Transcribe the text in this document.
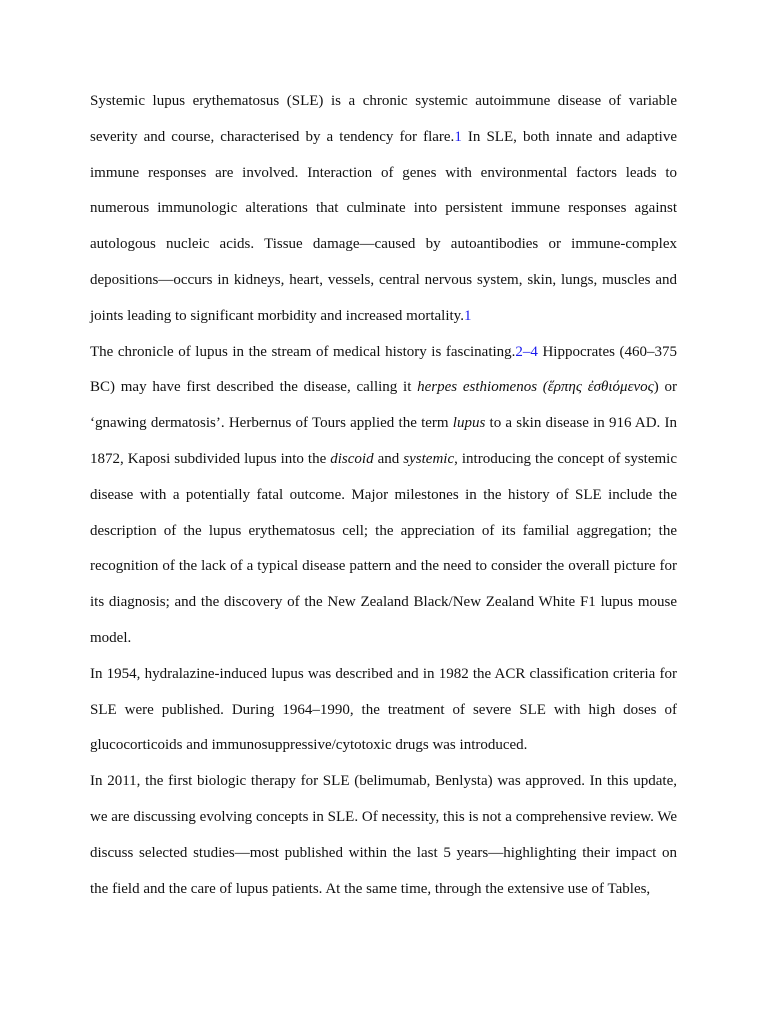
Systemic lupus erythematosus (SLE) is a chronic systemic autoimmune disease of variable severity and course, characterised by a tendency for flare.1 In SLE, both innate and adaptive immune responses are involved. Interaction of genes with environmental factors leads to numerous immunologic alterations that culminate into persistent immune responses against autologous nucleic acids. Tissue damage—caused by autoantibodies or immune-complex depositions—occurs in kidneys, heart, vessels, central nervous system, skin, lungs, muscles and joints leading to significant morbidity and increased mortality.1

The chronicle of lupus in the stream of medical history is fascinating.2–4 Hippocrates (460–375 BC) may have first described the disease, calling it herpes esthiomenos (ἕρπης ἐσθιόμενος) or ‘gnawing dermatosis’. Herbernus of Tours applied the term lupus to a skin disease in 916 AD. In 1872, Kaposi subdivided lupus into the discoid and systemic, introducing the concept of systemic disease with a potentially fatal outcome. Major milestones in the history of SLE include the description of the lupus erythematosus cell; the appreciation of its familial aggregation; the recognition of the lack of a typical disease pattern and the need to consider the overall picture for its diagnosis; and the discovery of the New Zealand Black/New Zealand White F1 lupus mouse model.

In 1954, hydralazine-induced lupus was described and in 1982 the ACR classification criteria for SLE were published. During 1964–1990, the treatment of severe SLE with high doses of glucocorticoids and immunosuppressive/cytotoxic drugs was introduced.

In 2011, the first biologic therapy for SLE (belimumab, Benlysta) was approved. In this update, we are discussing evolving concepts in SLE. Of necessity, this is not a comprehensive review. We discuss selected studies—most published within the last 5 years—highlighting their impact on the field and the care of lupus patients. At the same time, through the extensive use of Tables,
